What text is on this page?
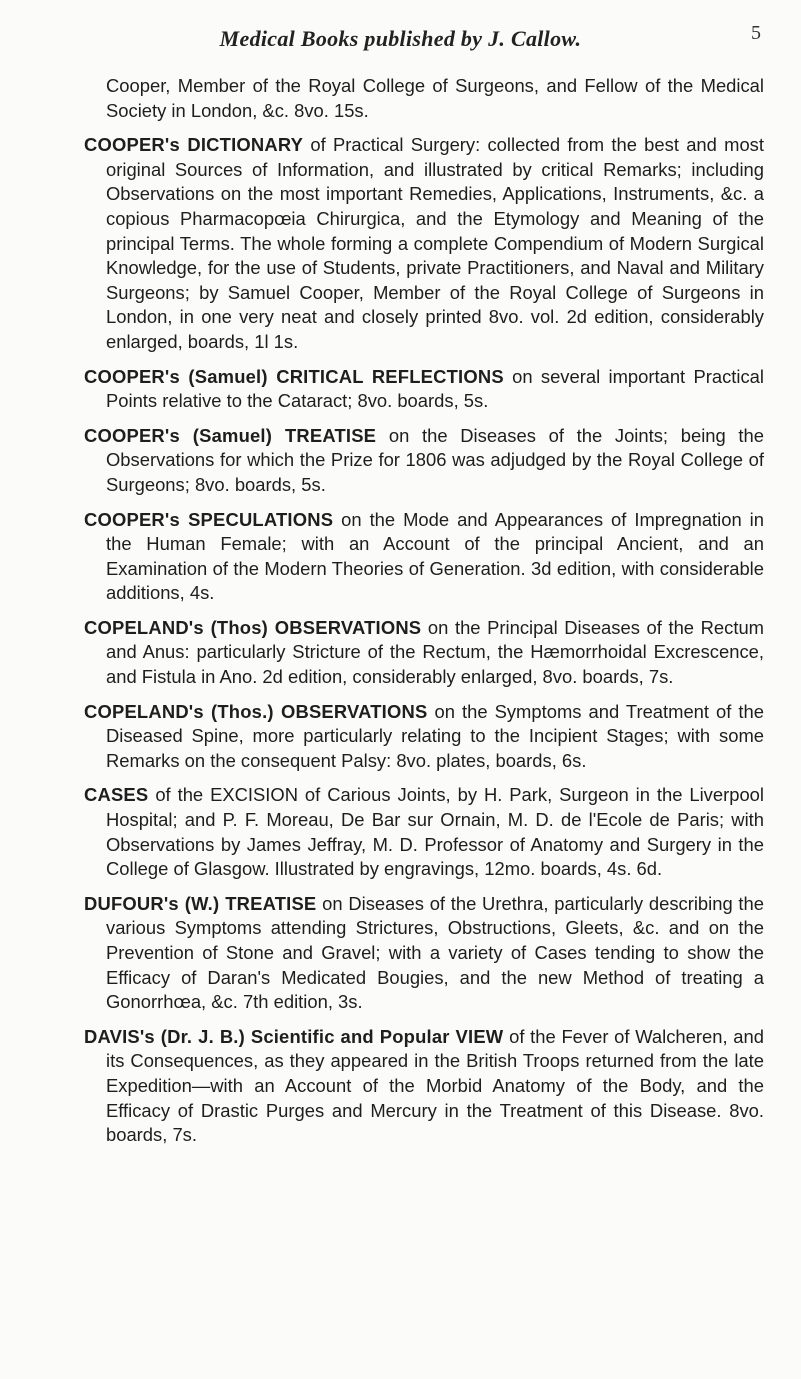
Medical Books published by J. Callow.	5

Cooper, Member of the Royal College of Surgeons, and Fellow of the Medical Society in London, &c. 8vo. 15s.

COOPER's DICTIONARY of Practical Surgery: collected from the best and most original Sources of Information, and illustrated by critical Remarks; including Observations on the most important Remedies, Applications, Instruments, &c. a copious Pharmacopœia Chirurgica, and the Etymology and Meaning of the principal Terms. The whole forming a complete Compendium of Modern Surgical Knowledge, for the use of Students, private Practitioners, and Naval and Military Surgeons; by Samuel Cooper, Member of the Royal College of Surgeons in London, in one very neat and closely printed 8vo. vol. 2d edition, considerably enlarged, boards, 1l 1s.

COOPER's (Samuel) CRITICAL REFLECTIONS on several important Practical Points relative to the Cataract; 8vo. boards, 5s.

COOPER's (Samuel) TREATISE on the Diseases of the Joints; being the Observations for which the Prize for 1806 was adjudged by the Royal College of Surgeons; 8vo. boards, 5s.

COOPER's SPECULATIONS on the Mode and Appearances of Impregnation in the Human Female; with an Account of the principal Ancient, and an Examination of the Modern Theories of Generation. 3d edition, with considerable additions, 4s.

COPELAND's (Thos) OBSERVATIONS on the Principal Diseases of the Rectum and Anus: particularly Stricture of the Rectum, the Hæmorrhoidal Excrescence, and Fistula in Ano. 2d edition, considerably enlarged, 8vo. boards, 7s.

COPELAND's (Thos.) OBSERVATIONS on the Symptoms and Treatment of the Diseased Spine, more particularly relating to the Incipient Stages; with some Remarks on the consequent Palsy: 8vo. plates, boards, 6s.

CASES of the EXCISION of Carious Joints, by H. Park, Surgeon in the Liverpool Hospital; and P. F. Moreau, De Bar sur Ornain, M. D. de l'Ecole de Paris; with Observations by James Jeffray, M. D. Professor of Anatomy and Surgery in the College of Glasgow. Illustrated by engravings, 12mo. boards, 4s. 6d.

DUFOUR's (W.) TREATISE on Diseases of the Urethra, particularly describing the various Symptoms attending Strictures, Obstructions, Gleets, &c. and on the Prevention of Stone and Gravel; with a variety of Cases tending to show the Efficacy of Daran's Medicated Bougies, and the new Method of treating a Gonorrhœa, &c. 7th edition, 3s.

DAVIS's (Dr. J. B.) Scientific and Popular VIEW of the Fever of Walcheren, and its Consequences, as they appeared in the British Troops returned from the late Expedition—with an Account of the Morbid Anatomy of the Body, and the Efficacy of Drastic Purges and Mercury in the Treatment of this Disease. 8vo. boards, 7s.
